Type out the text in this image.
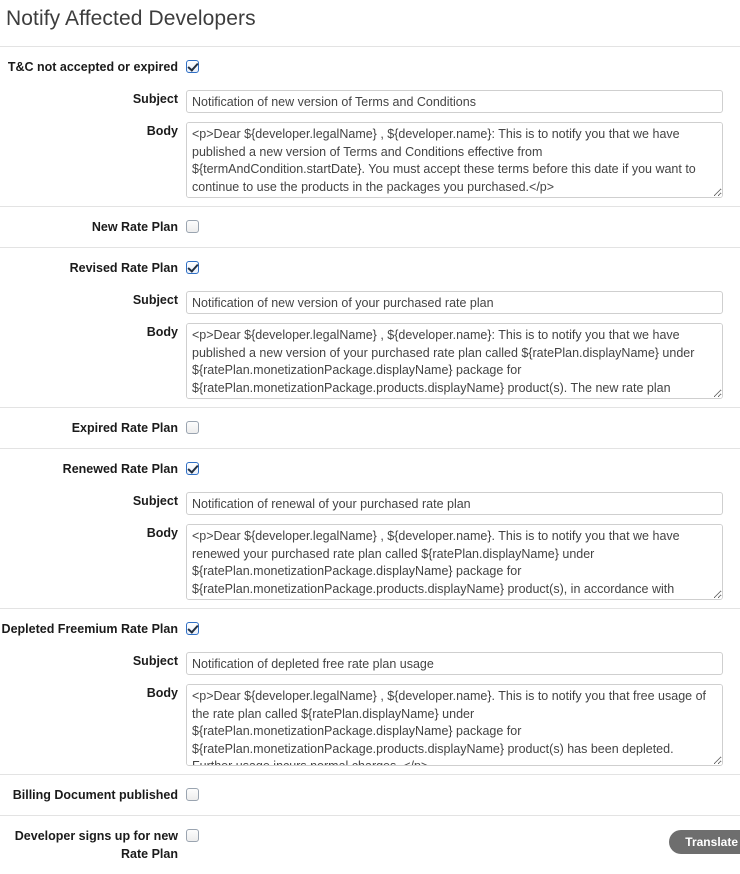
Notify Affected Developers
T&C not accepted or expired
Subject
Notification of new version of Terms and Conditions
Body
<p>Dear ${developer.legalName} , ${developer.name}: This is to notify you that we have published a new version of Terms and Conditions effective from ${termAndCondition.startDate}. You must accept these terms before this date if you want to continue to use the products in the packages you purchased.</p>
New Rate Plan
Revised Rate Plan
Subject
Notification of new version of your purchased rate plan
Body
<p>Dear ${developer.legalName} , ${developer.name}: This is to notify you that we have published a new version of your purchased rate plan called ${ratePlan.displayName} under ${ratePlan.monetizationPackage.displayName} package for ${ratePlan.monetizationPackage.products.displayName} product(s). The new rate plan
Expired Rate Plan
Renewed Rate Plan
Subject
Notification of renewal of your purchased rate plan
Body
<p>Dear ${developer.legalName} , ${developer.name}. This is to notify you that we have renewed your purchased rate plan called ${ratePlan.displayName} under ${ratePlan.monetizationPackage.displayName} package for ${ratePlan.monetizationPackage.products.displayName} product(s), in accordance with
Depleted Freemium Rate Plan
Subject
Notification of depleted free rate plan usage
Body
<p>Dear ${developer.legalName} , ${developer.name}. This is to notify you that free usage of the rate plan called ${ratePlan.displayName} under ${ratePlan.monetizationPackage.displayName} package for ${ratePlan.monetizationPackage.products.displayName} product(s) has been depleted. Further usage incurs normal charges. </p>
Billing Document published
Developer signs up for new Rate Plan
Translate
